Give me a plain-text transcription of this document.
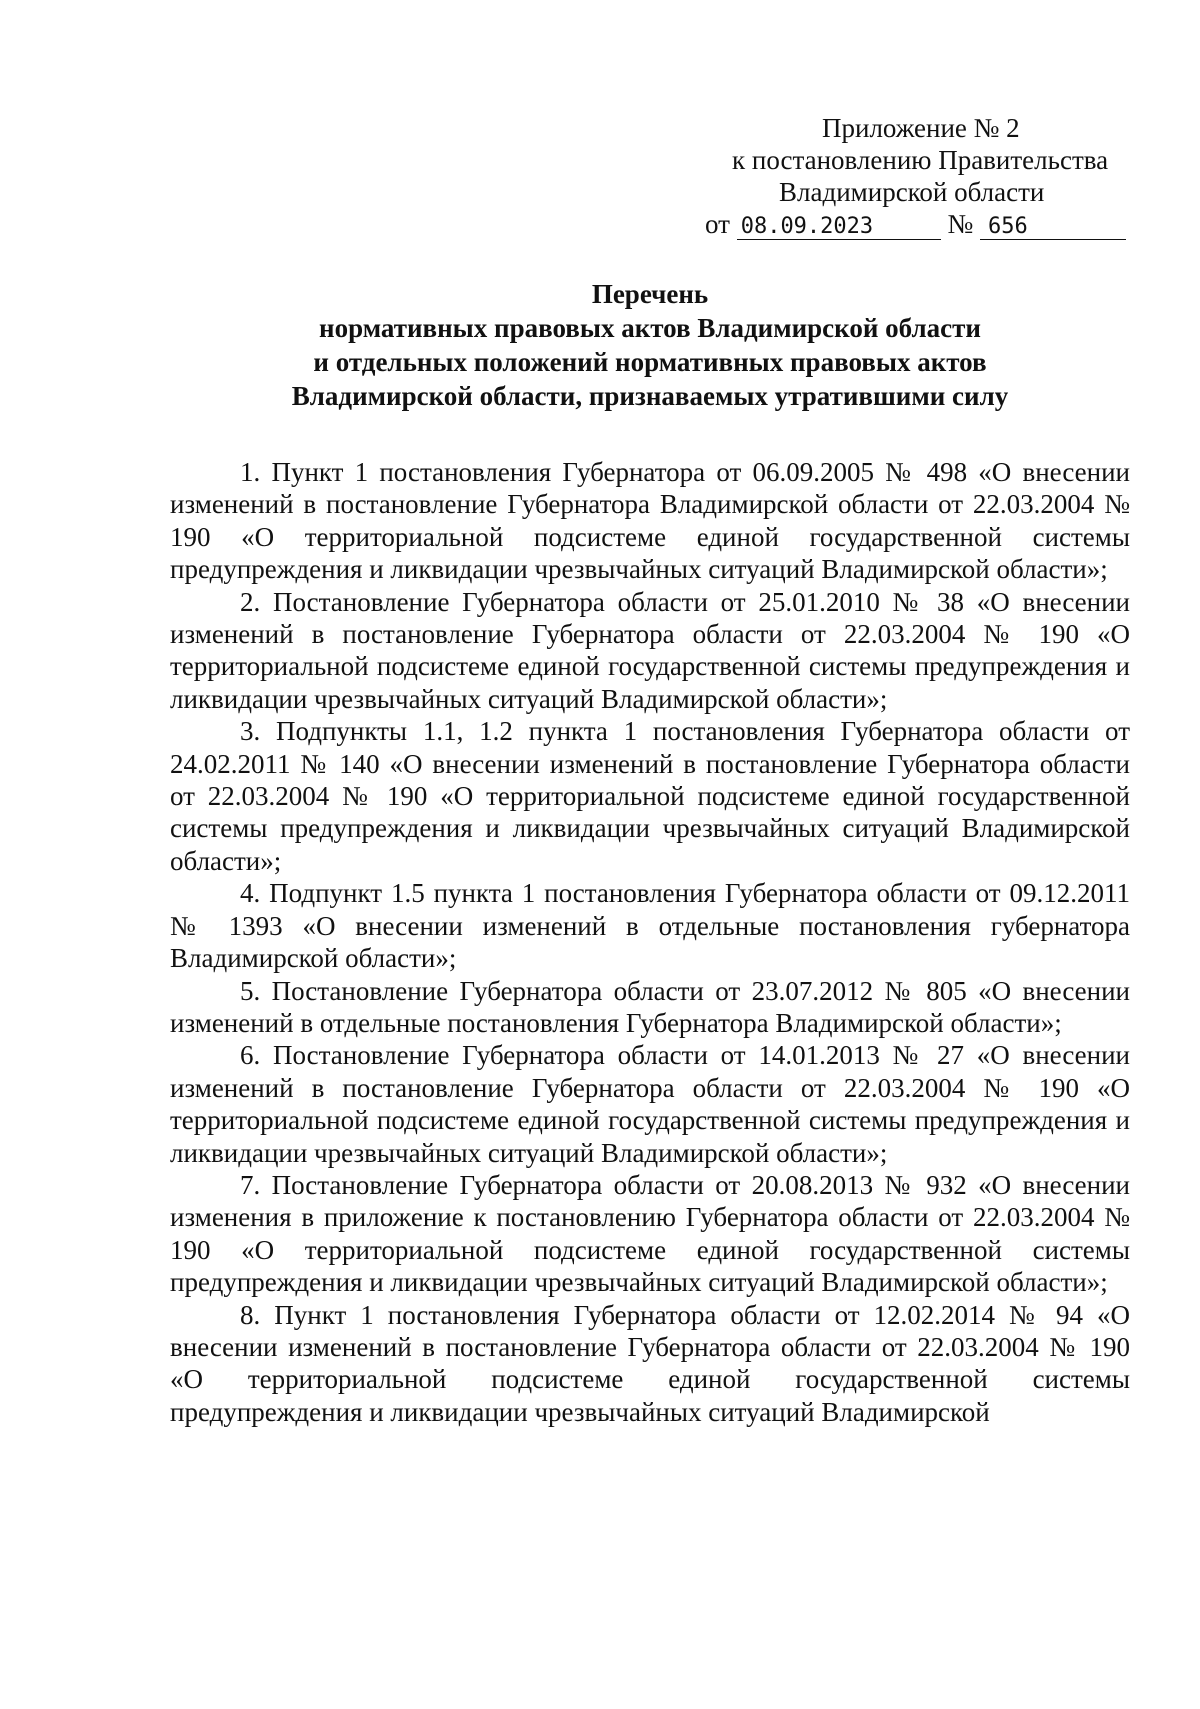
Приложение № 2
к постановлению Правительства
Владимирской области
от 08.09.2023	№ 656
Перечень
нормативных правовых актов Владимирской области
и отдельных положений нормативных правовых актов
Владимирской области, признаваемых утратившими силу

1. Пункт 1 постановления Губернатора от 06.09.2005 № 498 «О внесении изменений в постановление Губернатора Владимирской области от 22.03.2004 № 190 «О территориальной подсистеме единой государственной системы предупреждения и ликвидации чрезвычайных ситуаций Владимирской области»;

2. Постановление Губернатора области от 25.01.2010 № 38 «О внесении изменений в постановление Губернатора области от 22.03.2004 № 190 «О территориальной подсистеме единой государственной системы предупреждения и ликвидации чрезвычайных ситуаций Владимирской области»;

3. Подпункты 1.1, 1.2 пункта 1 постановления Губернатора области от 24.02.2011 № 140 «О внесении изменений в постановление Губернатора области от 22.03.2004 № 190 «О территориальной подсистеме единой государственной системы предупреждения и ликвидации чрезвычайных ситуаций Владимирской области»;

4. Подпункт 1.5 пункта 1 постановления Губернатора области от 09.12.2011 № 1393 «О внесении изменений в отдельные постановления губернатора Владимирской области»;

5. Постановление Губернатора области от 23.07.2012 № 805 «О внесении изменений в отдельные постановления Губернатора Владимирской области»;

6. Постановление Губернатора области от 14.01.2013 № 27 «О внесении изменений в постановление Губернатора области от 22.03.2004 № 190 «О территориальной подсистеме единой государственной системы предупреждения и ликвидации чрезвычайных ситуаций Владимирской области»;

7. Постановление Губернатора области от 20.08.2013 № 932 «О внесении изменения в приложение к постановлению Губернатора области от 22.03.2004 № 190 «О территориальной подсистеме единой государственной системы предупреждения и ликвидации чрезвычайных ситуаций Владимирской области»;

8. Пункт 1 постановления Губернатора области от 12.02.2014 № 94 «О внесении изменений в постановление Губернатора области от 22.03.2004 № 190 «О территориальной подсистеме единой государственной системы предупреждения и ликвидации чрезвычайных ситуаций Владимирской
